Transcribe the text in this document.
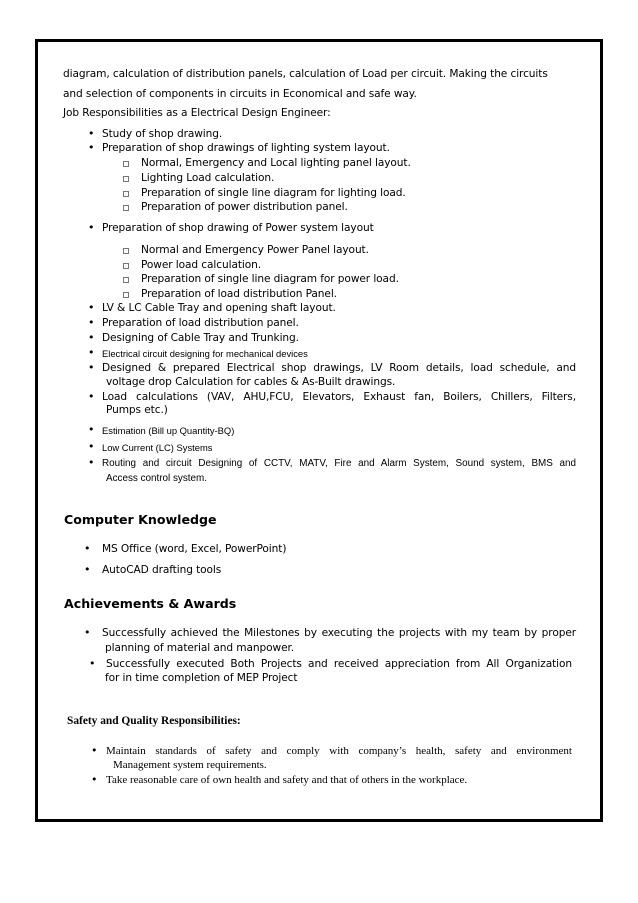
diagram, calculation of distribution panels, calculation of Load per circuit. Making the circuits
and selection of components in circuits in Economical and safe way.
Job Responsibilities as a Electrical Design Engineer:
• Study of shop drawing.
• Preparation of shop drawings of lighting system layout.
Normal, Emergency and Local lighting panel layout.
Lighting Load calculation.
Preparation of single line diagram for lighting load.
Preparation of power distribution panel.
• Preparation of shop drawing of Power system layout
Normal and Emergency Power Panel layout.
Power load calculation.
Preparation of single line diagram for power load.
Preparation of load distribution Panel.
• LV & LC Cable Tray and opening shaft layout.
• Preparation of load distribution panel.
• Designing of Cable Tray and Trunking.
• Electrical circuit designing for mechanical devices
• Designed & prepared Electrical shop drawings, LV Room details, load schedule, and
voltage drop Calculation for cables & As-Built drawings.
• Load calculations (VAV, AHU,FCU, Elevators, Exhaust fan, Boilers, Chillers, Filters,
Pumps etc.)
• Estimation (Bill up Quantity-BQ)
• Low Current (LC) Systems
• Routing and circuit Designing of CCTV, MATV, Fire and Alarm System, Sound system, BMS and
Access control system.
Computer Knowledge
• MS Office (word, Excel, PowerPoint)
• AutoCAD drafting tools
Achievements & Awards
• Successfully achieved the Milestones by executing the projects with my team by proper
planning of material and manpower.
• Successfully executed Both Projects and received appreciation from All Organization
for in time completion of MEP Project
Safety and Quality Responsibilities:
• Maintain standards of safety and comply with company’s health, safety and environment
Management system requirements.
• Take reasonable care of own health and safety and that of others in the workplace.
